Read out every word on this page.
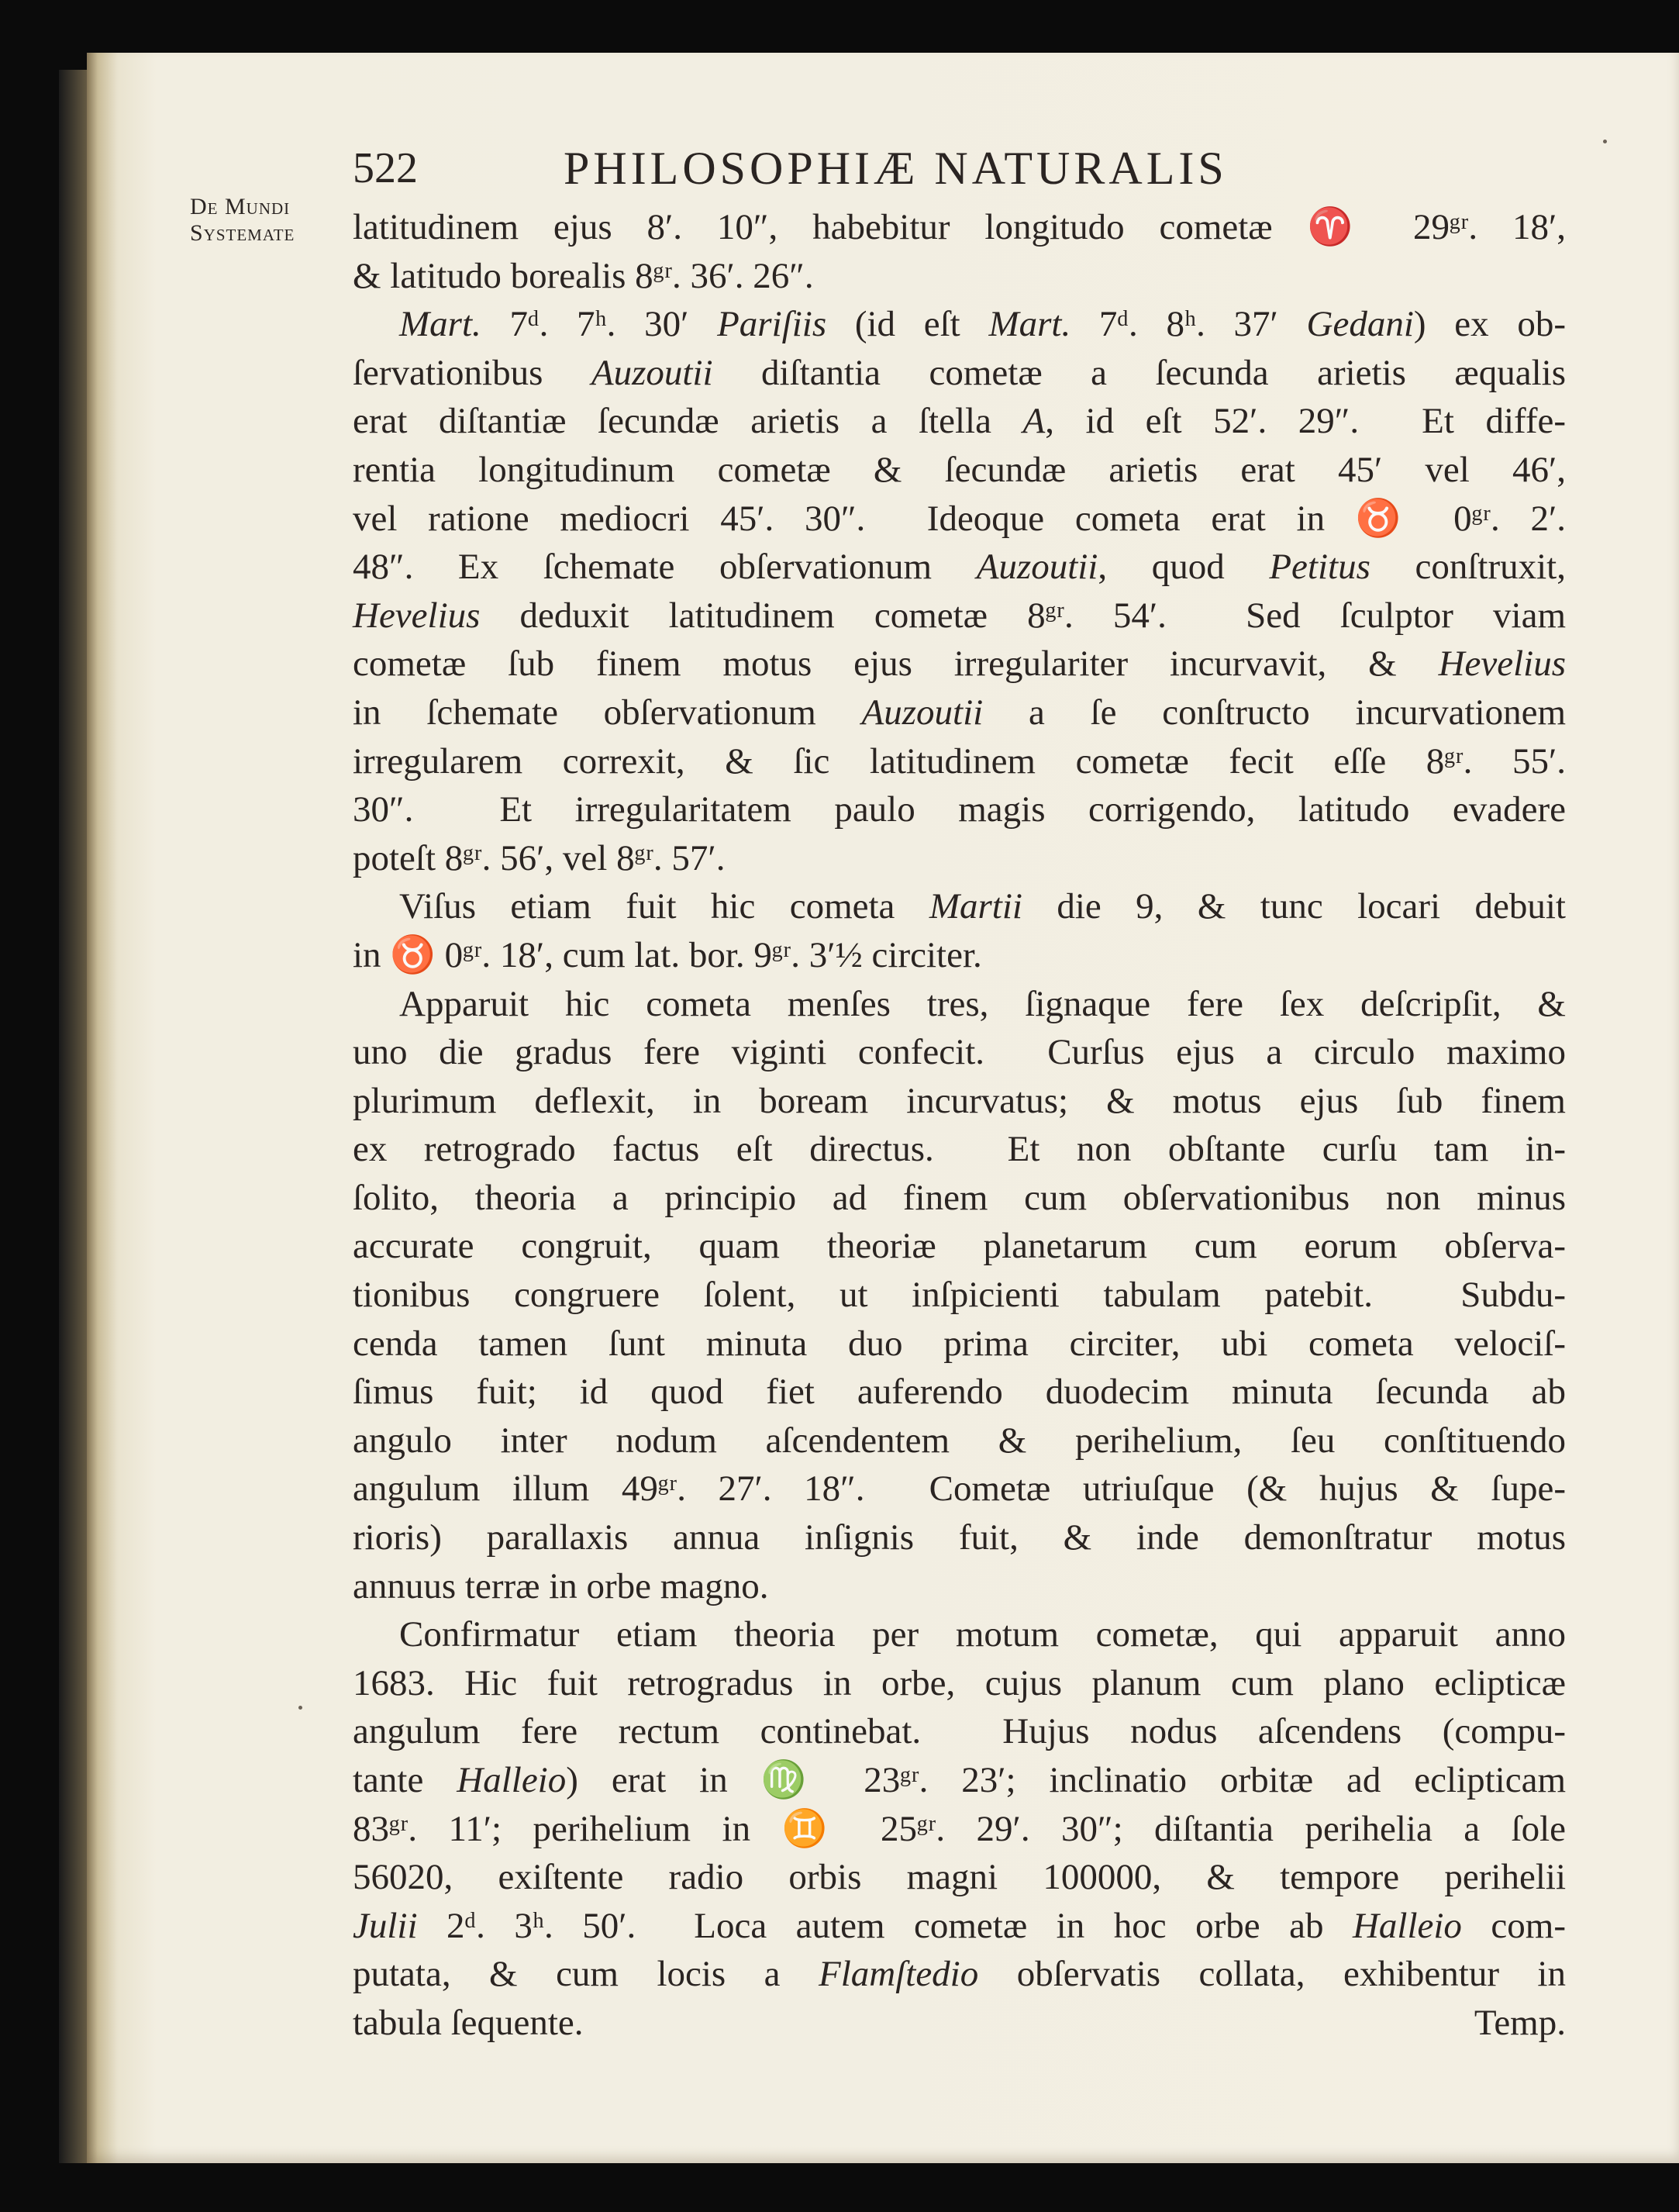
522	PHILOSOPHIÆ NATURALIS
De Mundi
Systemate latitudinem ejus 8′. 10″, habebitur longitudo cometæ ♈ 29ᵍʳ. 18′,
& latitudo borealis 8ᵍʳ. 36′. 26″.
Mart. 7ᵈ. 7ʰ. 30′ Pariſiis (id eſt Mart. 7ᵈ. 8ʰ. 37′ Gedani) ex ob-
ſervationibus Auzoutii diſtantia cometæ a ſecunda arietis æqualis
erat diſtantiæ ſecundæ arietis a ſtella A, id eſt 52′. 29″.  Et diffe-
rentia longitudinum cometæ & ſecundæ arietis erat 45′ vel 46′,
vel ratione mediocri 45′. 30″.  Ideoque cometa erat in ♉ 0ᵍʳ. 2′.
48″. Ex ſchemate obſervationum Auzoutii, quod Petitus conſtruxit,
Hevelius deduxit latitudinem cometæ 8ᵍʳ. 54′.  Sed ſculptor viam
cometæ ſub finem motus ejus irregulariter incurvavit, & Hevelius
in ſchemate obſervationum Auzoutii a ſe conſtructo incurvationem
irregularem correxit, & ſic latitudinem cometæ fecit eſſe 8ᵍʳ. 55′.
30″.  Et irregularitatem paulo magis corrigendo, latitudo evadere
poteſt 8ᵍʳ. 56′, vel 8ᵍʳ. 57′.
Viſus etiam fuit hic cometa Martii die 9, & tunc locari debuit
in ♉ 0ᵍʳ. 18′, cum lat. bor. 9ᵍʳ. 3′½ circiter.
Apparuit hic cometa menſes tres, ſignaque fere ſex deſcripſit, &
uno die gradus fere viginti confecit.  Curſus ejus a circulo maximo
plurimum deflexit, in boream incurvatus; & motus ejus ſub finem
ex retrogrado factus eſt directus.  Et non obſtante curſu tam in-
ſolito, theoria a principio ad finem cum obſervationibus non minus
accurate congruit, quam theoriæ planetarum cum eorum obſerva-
tionibus congruere ſolent, ut inſpicienti tabulam patebit.  Subdu-
cenda tamen ſunt minuta duo prima circiter, ubi cometa velociſ-
ſimus fuit; id quod fiet auferendo duodecim minuta ſecunda ab
angulo inter nodum aſcendentem & perihelium, ſeu conſtituendo
angulum illum 49ᵍʳ. 27′. 18″.  Cometæ utriuſque (& hujus & ſupe-
rioris) parallaxis annua inſignis fuit, & inde demonſtratur motus
annuus terræ in orbe magno.
Confirmatur etiam theoria per motum cometæ, qui apparuit anno
1683. Hic fuit retrogradus in orbe, cujus planum cum plano eclipticæ
angulum fere rectum continebat.  Hujus nodus aſcendens (compu-
tante Halleio) erat in ♍ 23ᵍʳ. 23′; inclinatio orbitæ ad eclipticam
83ᵍʳ. 11′; perihelium in ♊ 25ᵍʳ. 29′. 30″; diſtantia perihelia a ſole
56020, exiſtente radio orbis magni 100000, & tempore perihelii
Julii 2ᵈ. 3ʰ. 50′.  Loca autem cometæ in hoc orbe ab Halleio com-
putata, & cum locis a Flamſtedio obſervatis collata, exhibentur in
tabula ſequente.	Temp.
